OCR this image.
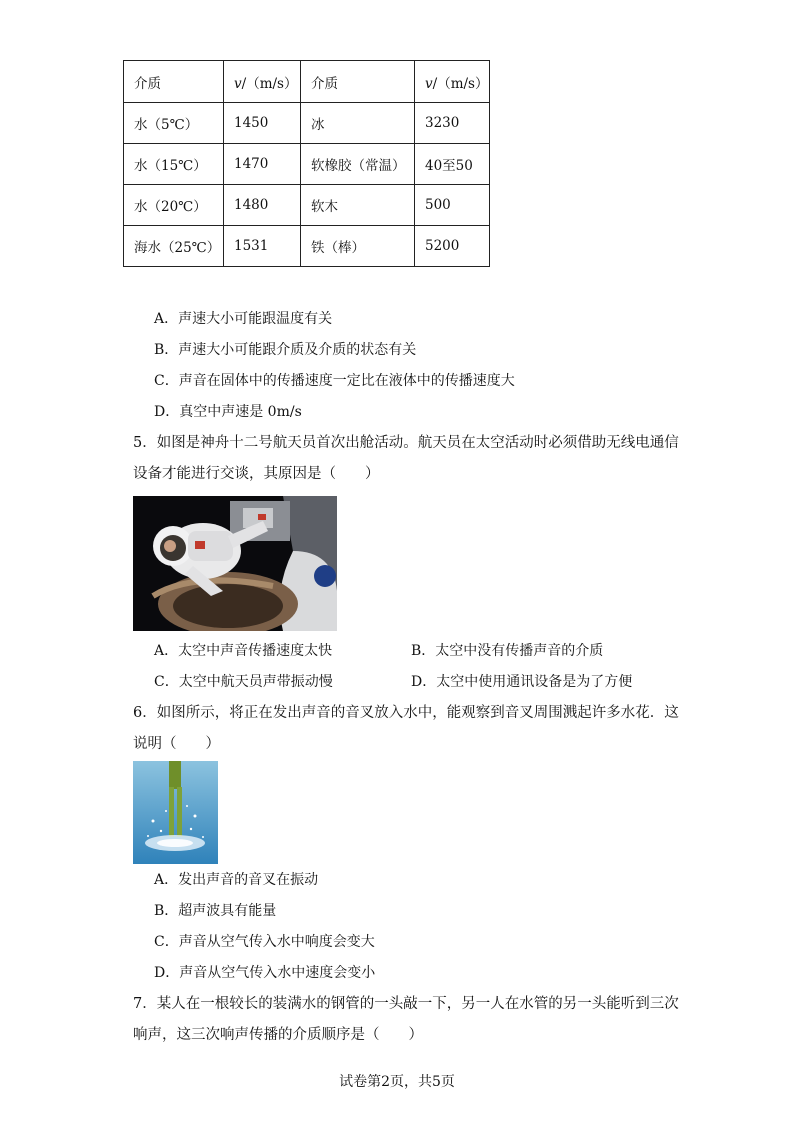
介质	v/（m/s）	介质	v/（m/s）
水（5℃）	1450	冰	3230
水（15℃）	1470	软橡胶（常温）	40至50
水（20℃）	1480	软木	500
海水（25℃）	1531	铁（棒）	5200
A．声速大小可能跟温度有关
B．声速大小可能跟介质及介质的状态有关
C．声音在固体中的传播速度一定比在液体中的传播速度大
D．真空中声速是 0m/s
5．如图是神舟十二号航天员首次出舱活动。航天员在太空活动时必须借助无线电通信
设备才能进行交谈，其原因是（　　）
A．太空中声音传播速度太快	B．太空中没有传播声音的介质
C．太空中航天员声带振动慢	D．太空中使用通讯设备是为了方便
6．如图所示，将正在发出声音的音叉放入水中，能观察到音叉周围溅起许多水花．这
说明（　　）
A．发出声音的音叉在振动
B．超声波具有能量
C．声音从空气传入水中响度会变大
D．声音从空气传入水中速度会变小
7．某人在一根较长的装满水的钢管的一头敲一下，另一人在水管的另一头能听到三次
响声，这三次响声传播的介质顺序是（　　）
试卷第2页，共5页
